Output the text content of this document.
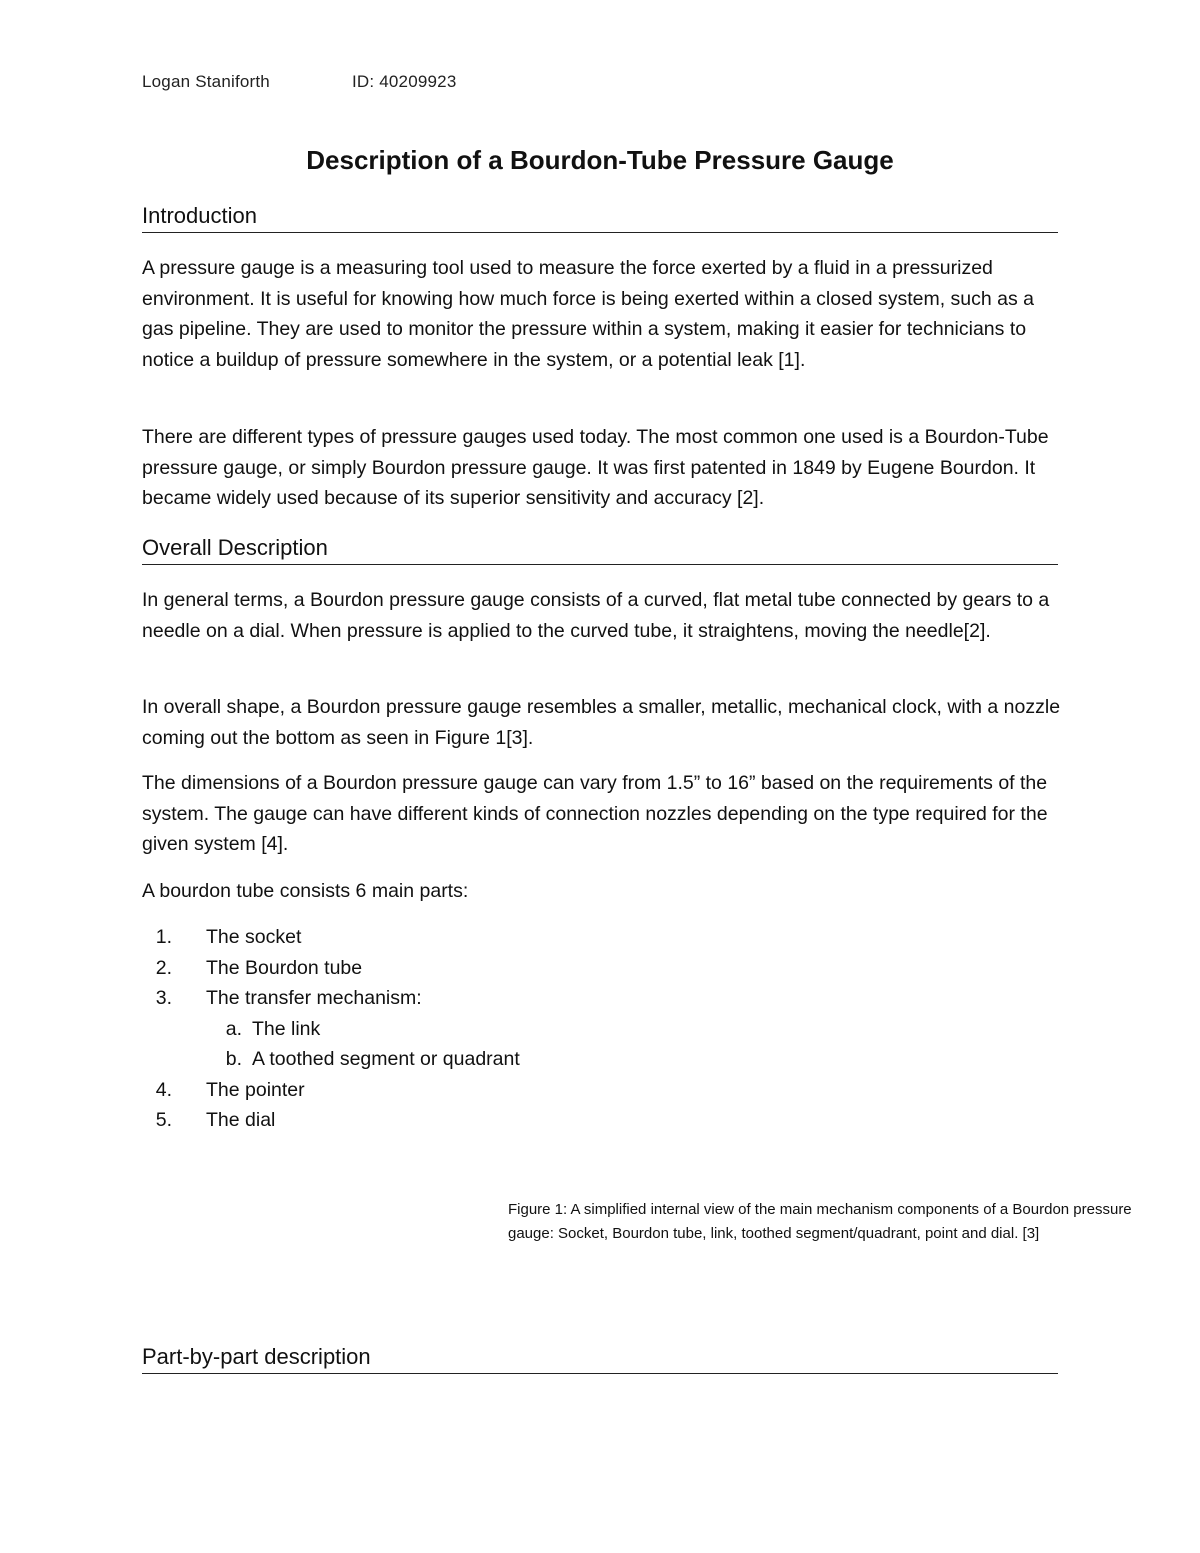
Logan Staniforth	ID: 40209923
Description of a Bourdon-Tube Pressure Gauge
Introduction

A pressure gauge is a measuring tool used to measure the force exerted by a fluid in a pressurized environment. It is useful for knowing how much force is being exerted within a closed system, such as a gas pipeline. They are used to monitor the pressure within a system, making it easier for technicians to notice a buildup of pressure somewhere in the system, or a potential leak [1].

There are different types of pressure gauges used today. The most common one used is a Bourdon-Tube pressure gauge, or simply Bourdon pressure gauge. It was first patented in 1849 by Eugene Bourdon. It became widely used because of its superior sensitivity and accuracy [2].

Overall Description

In general terms, a Bourdon pressure gauge consists of a curved, flat metal tube connected by gears to a needle on a dial. When pressure is applied to the curved tube, it straightens, moving the needle[2].

In overall shape, a Bourdon pressure gauge resembles a smaller, metallic, mechanical clock, with a nozzle coming out the bottom as seen in Figure 1[3].

The dimensions of a Bourdon pressure gauge can vary from 1.5” to 16” based on the requirements of the system. The gauge can have different kinds of connection nozzles depending on the type required for the given system [4].

A bourdon tube consists 6 main parts:

1. The socket
2. The Bourdon tube
3. The transfer mechanism:
a. The link
b. A toothed segment or quadrant
4. The pointer
5. The dial

Figure 1: A simplified internal view of the main mechanism components of a Bourdon pressure gauge: Socket, Bourdon tube, link, toothed segment/quadrant, point and dial. [3]

Part-by-part description
